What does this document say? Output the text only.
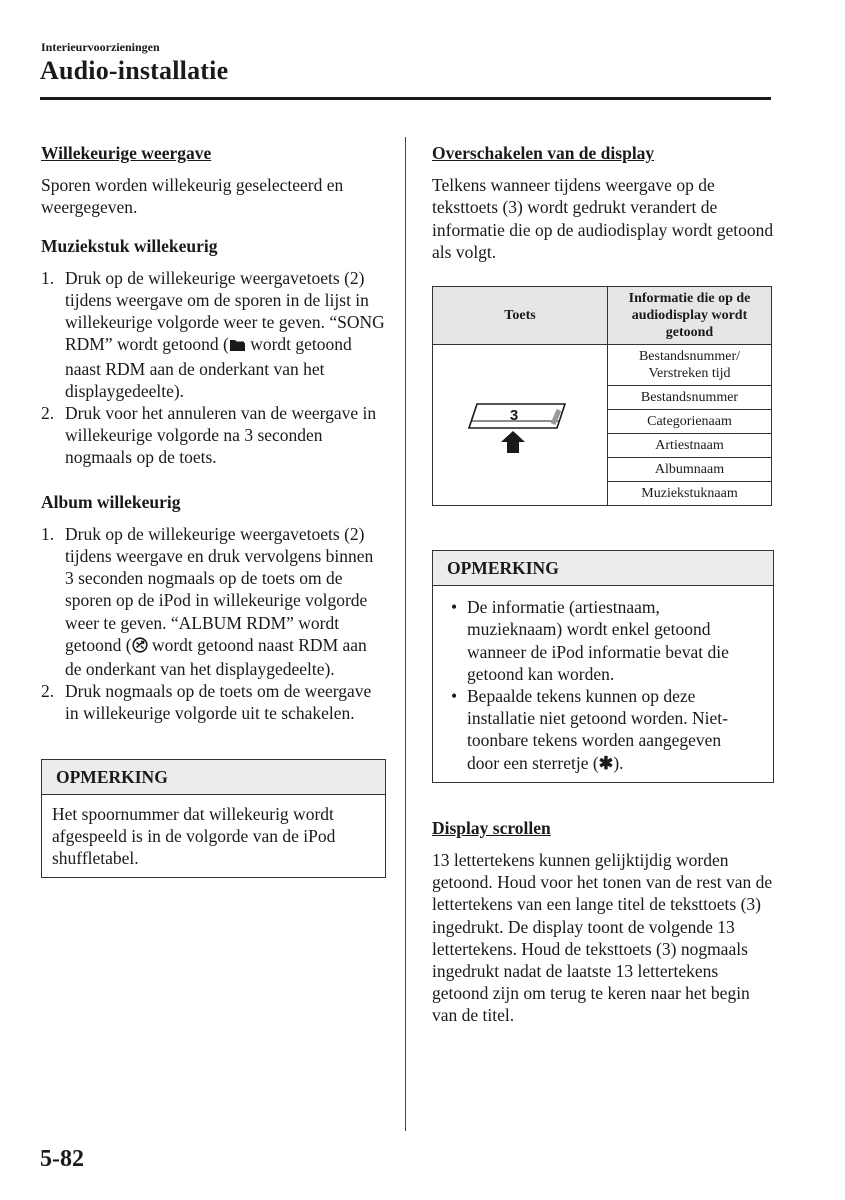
Interieurvoorzieningen
Audio-installatie
Willekeurige weergave

Sporen worden willekeurig geselecteerd en weergegeven.

Muziekstuk willekeurig
1. Druk op de willekeurige weergavetoets (2) tijdens weergave om de sporen in de lijst in willekeurige volgorde weer te geven. “SONG RDM” wordt getoond ( wordt getoond naast RDM aan de onderkant van het displaygedeelte).
2. Druk voor het annuleren van de weergave in willekeurige volgorde na 3 seconden nogmaals op de toets.
Album willekeurig
1. Druk op de willekeurige weergavetoets (2) tijdens weergave en druk vervolgens binnen 3 seconden nogmaals op de toets om de sporen op de iPod in willekeurige volgorde weer te geven. “ALBUM RDM” wordt getoond ( wordt getoond naast RDM aan de onderkant van het displaygedeelte).
2. Druk nogmaals op de toets om de weergave in willekeurige volgorde uit te schakelen.
OPMERKING
Het spoornummer dat willekeurig wordt afgespeeld is in de volgorde van de iPod shuffletabel.
Overschakelen van de display

Telkens wanneer tijdens weergave op de teksttoets (3) wordt gedrukt verandert de informatie die op de audiodisplay wordt getoond als volgt.

Toets	Informatie die op de audiodisplay wordt getoond

3	Bestandsnummer/ Verstreken tijd
	Bestandsnummer
	Categorienaam
	Artiestnaam
	Albumnaam
	Muziekstuknaam
OPMERKING
• De informatie (artiestnaam, muzieknaam) wordt enkel getoond wanneer de iPod informatie bevat die getoond kan worden.
• Bepaalde tekens kunnen op deze installatie niet getoond worden. Niet-toonbare tekens worden aangegeven door een sterretje (✱).
Display scrollen

13 lettertekens kunnen gelijktijdig worden getoond. Houd voor het tonen van de rest van de lettertekens van een lange titel de teksttoets (3) ingedrukt. De display toont de volgende 13 lettertekens. Houd de teksttoets (3) nogmaals ingedrukt nadat de laatste 13 lettertekens getoond zijn om terug te keren naar het begin van de titel.

5-82
